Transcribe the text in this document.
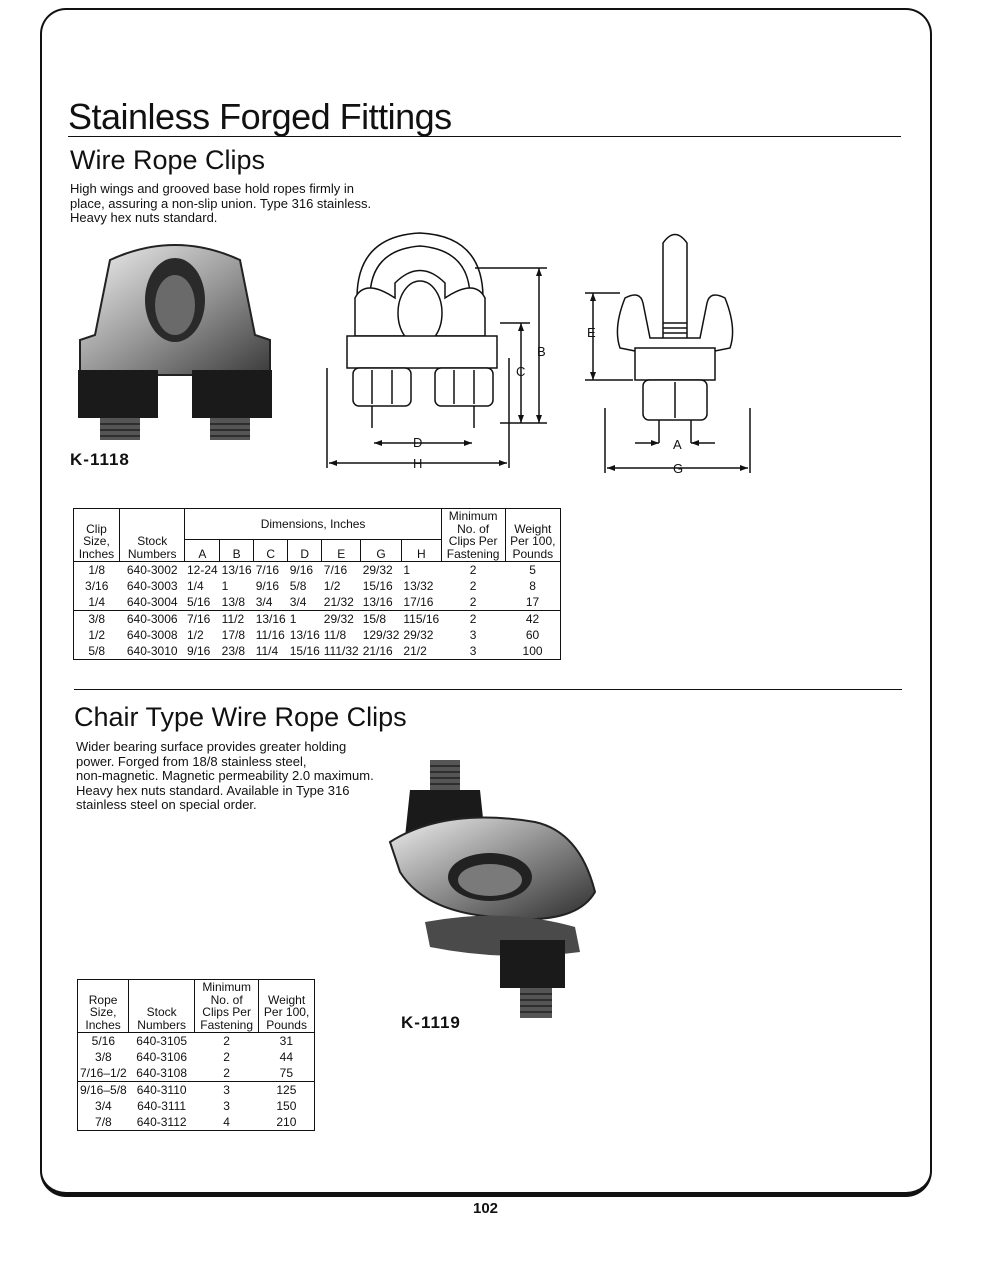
Stainless Forged Fittings
Wire Rope Clips
High wings and grooved base hold ropes firmly in
place, assuring a non-slip union. Type 316 stainless.
Heavy hex nuts standard.
K-1118
D
H
B
C
E
A
G
Clip Size, Inches	Stock Numbers	Dimensions, Inches							Minimum No. of Clips Per Fastening	Weight Per 100, Pounds
		A	B	C	D	E	G	H		
1/8	640-3002	12-24	13/16	7/16	9/16	7/16	29/32	1	2	5
3/16	640-3003	1/4	1	9/16	5/8	1/2	15/16	13/32	2	8
1/4	640-3004	5/16	13/8	3/4	3/4	21/32	13/16	17/16	2	17
3/8	640-3006	7/16	11/2	13/16	1	29/32	15/8	115/16	2	42
1/2	640-3008	1/2	17/8	11/16	13/16	11/8	129/32	29/32	3	60
5/8	640-3010	9/16	23/8	11/4	15/16	111/32	21/16	21/2	3	100
Chair Type Wire Rope Clips
Wider bearing surface provides greater holding
power. Forged from 18/8 stainless steel,
non-magnetic. Magnetic permeability 2.0 maximum.
Heavy hex nuts standard. Available in Type 316
stainless steel on special order.
K-1119
Rope Size, Inches	Stock Numbers	Minimum No. of Clips Per Fastening	Weight Per 100, Pounds
5/16	640-3105	2	31
3/8	640-3106	2	44
7/16–1/2	640-3108	2	75
9/16–5/8	640-3110	3	125
3/4	640-3111	3	150
7/8	640-3112	4	210
102
